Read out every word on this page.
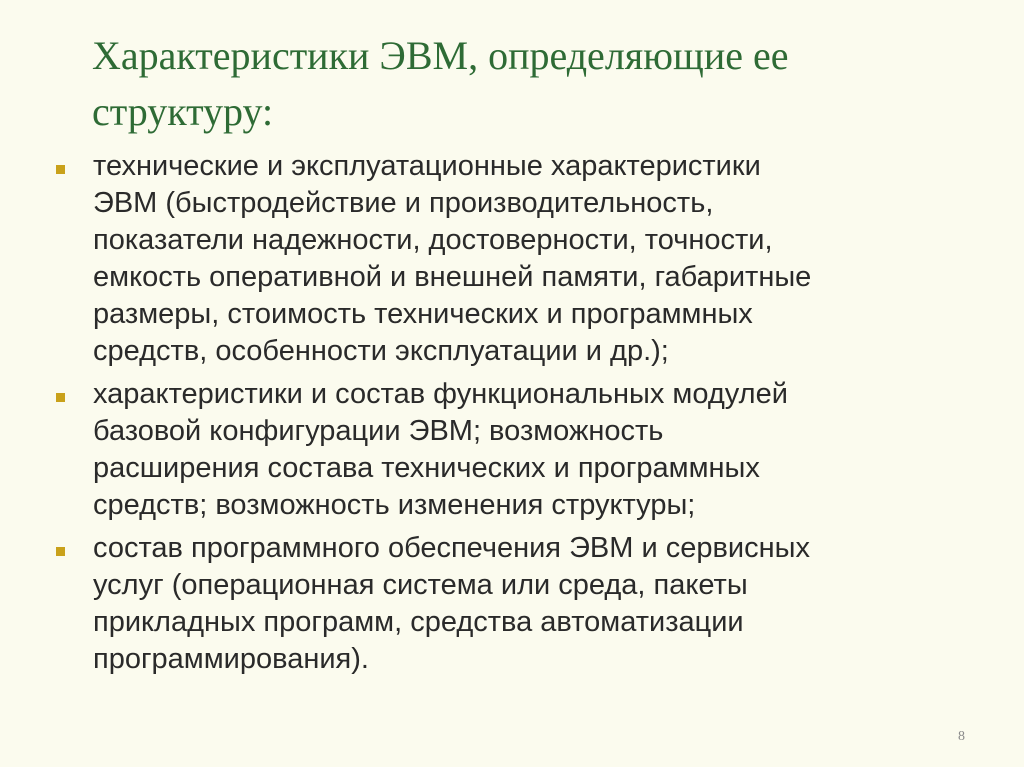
Характеристики ЭВМ, определяющие ее
структуру:
технические и эксплуатационные характеристики
ЭВМ (быстродействие и производительность,
показатели надежности, достоверности, точности,
емкость оперативной и внешней памяти, габаритные
размеры, стоимость технических и программных
средств, особенности эксплуатации и др.);
характеристики и состав функциональных модулей
базовой конфигурации ЭВМ; возможность
расширения состава технических и программных
средств; возможность изменения структуры;
состав программного обеспечения ЭВМ и сервисных
услуг (операционная система или среда, пакеты
прикладных программ, средства автоматизации
программирования).
8
